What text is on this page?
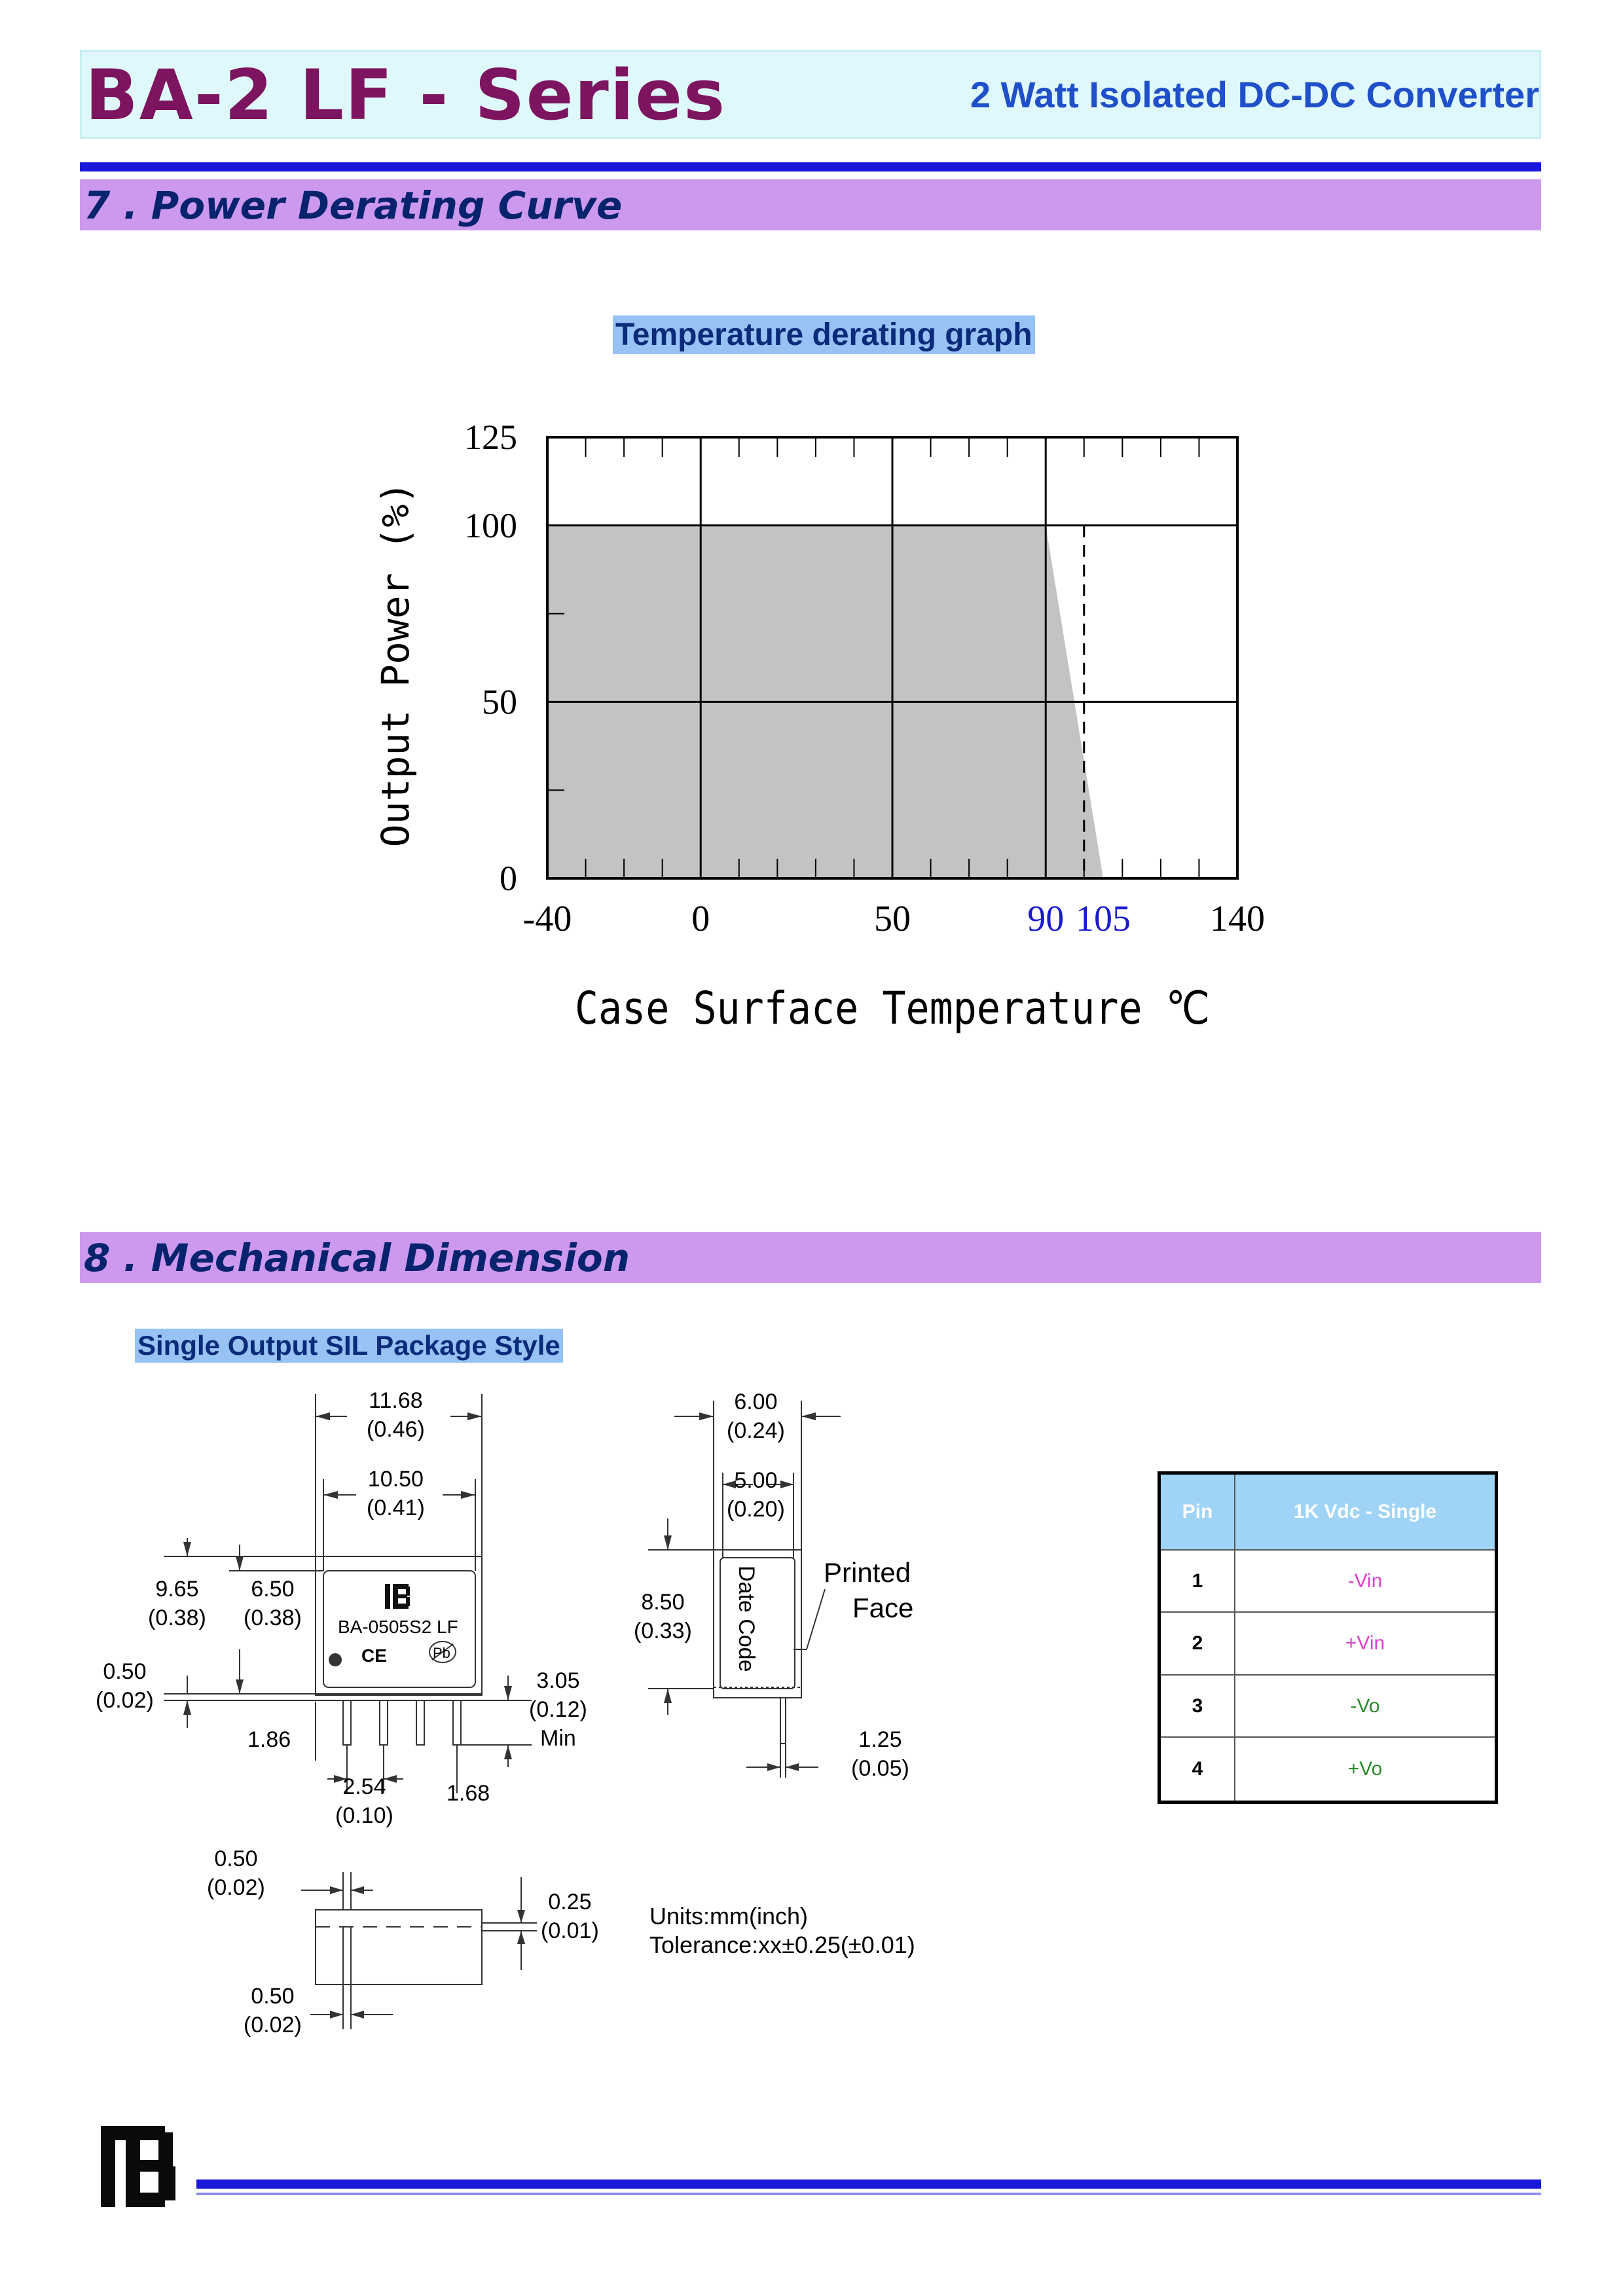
BA-2 LF - Series	2 Watt Isolated DC-DC Converter
7 . Power Derating Curve
Temperature derating graph
0
50
100
125
-40	0	50	90 105 140
Case Surface Temperature ℃
Output Power (%)
8 . Mechanical Dimension
Single Output SIL Package Style
11.68
(0.46)
10.50
(0.41)
9.65
(0.38)
6.50
(0.38)
0.50
(0.02)
3.05
(0.12)
Min
1.86
2.54
(0.10)
1.68
BA-0505S2 LF
CE	Pb
6.00
(0.24)
5.00
(0.20)
8.50
(0.33) Date Code Printed
Face
1.25
(0.05)
0.50
(0.02)
0.25
(0.01)
0.50
(0.02)
Units:mm(inch)
Tolerance:xx±0.25(±0.01)
Pin	1K Vdc - Single
1	-Vin
2	+Vin
3	-Vo
4	+Vo
